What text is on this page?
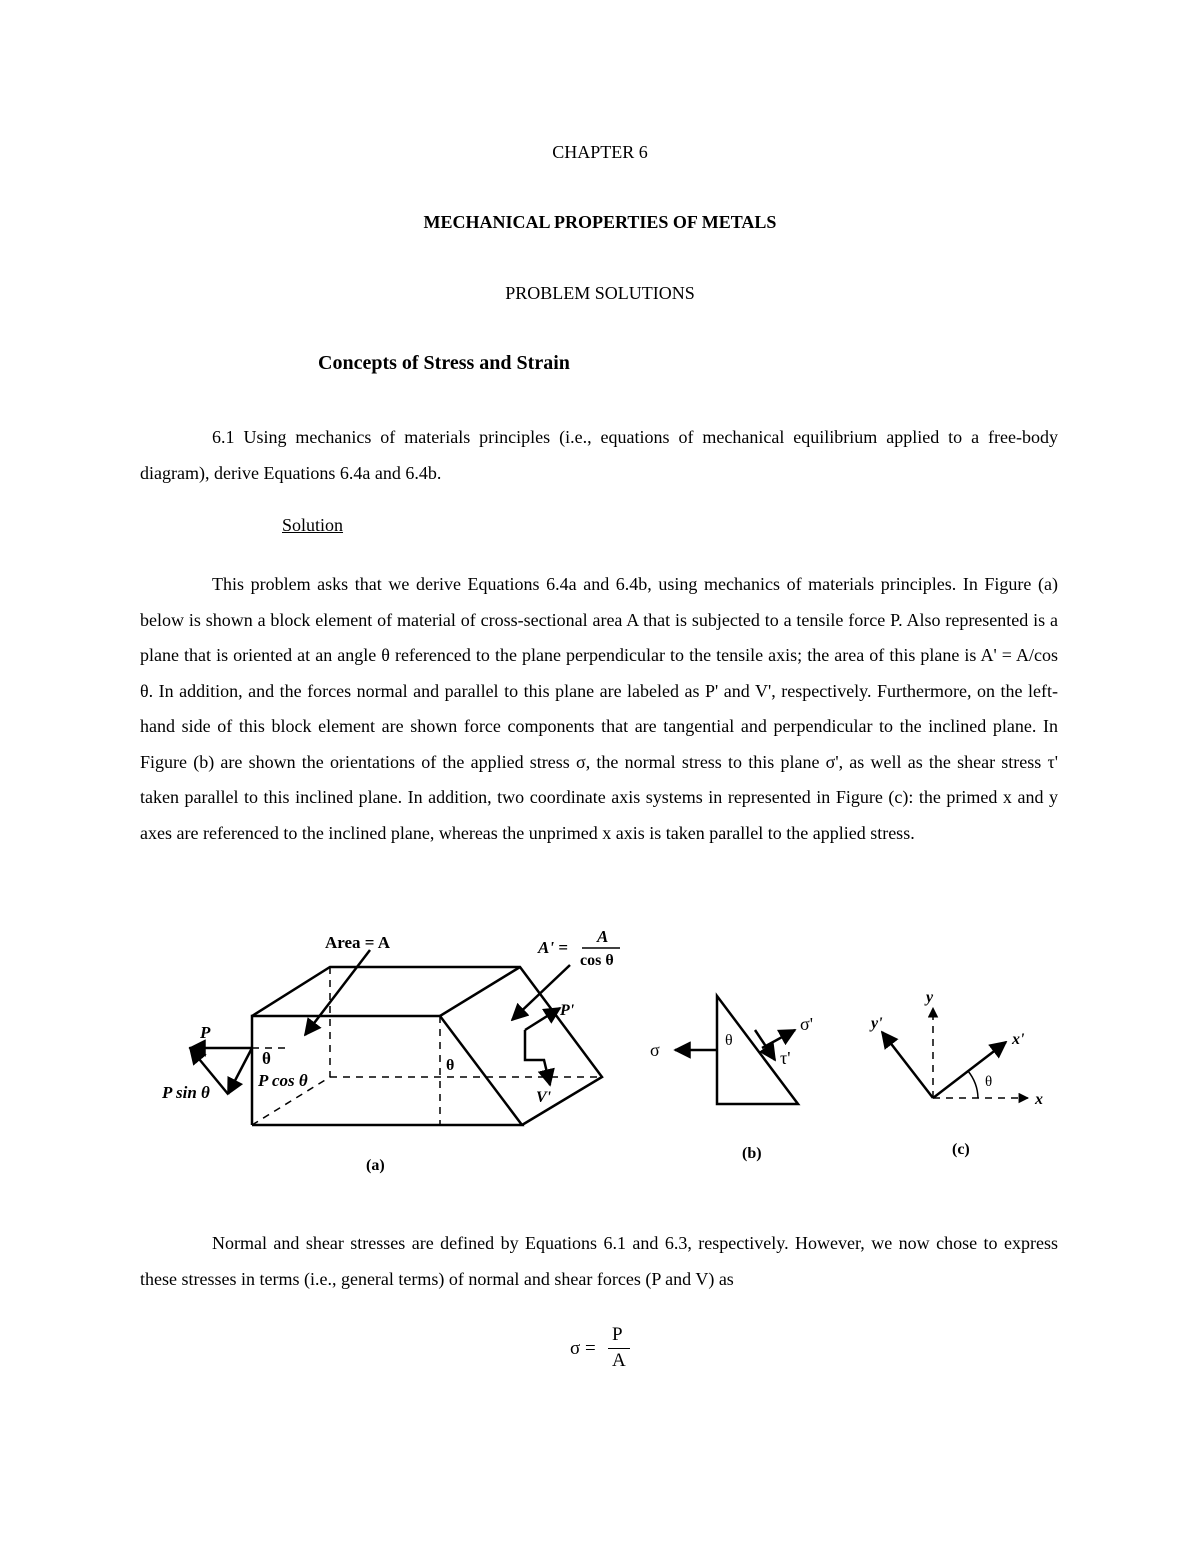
CHAPTER 6
MECHANICAL PROPERTIES OF METALS
PROBLEM SOLUTIONS
Concepts of Stress and Strain

6.1 Using mechanics of materials principles (i.e., equations of mechanical equilibrium applied to a free-body diagram), derive Equations 6.4a and 6.4b.

Solution

This problem asks that we derive Equations 6.4a and 6.4b, using mechanics of materials principles. In Figure (a) below is shown a block element of material of cross-sectional area A that is subjected to a tensile force P. Also represented is a plane that is oriented at an angle θ referenced to the plane perpendicular to the tensile axis; the area of this plane is A' = A/cos θ. In addition, and the forces normal and parallel to this plane are labeled as P' and V', respectively. Furthermore, on the left-hand side of this block element are shown force components that are tangential and perpendicular to the inclined plane. In Figure (b) are shown the orientations of the applied stress σ, the normal stress to this plane σ', as well as the shear stress τ' taken parallel to this inclined plane. In addition, two coordinate axis systems in represented in Figure (c): the primed x and y axes are referenced to the inclined plane, whereas the unprimed x axis is taken parallel to the applied stress.

Area = A	A' =
A
cos θ
P
P sin θ
P cos θ
θ	θ
P'
V'
(a)
σ	θ
σ'
τ'
(b)
y
y'
x'
x
θ
(c)

Normal and shear stresses are defined by Equations 6.1 and 6.3, respectively. However, we now chose to express these stresses in terms (i.e., general terms) of normal and shear forces (P and V) as

σ =
P
A
